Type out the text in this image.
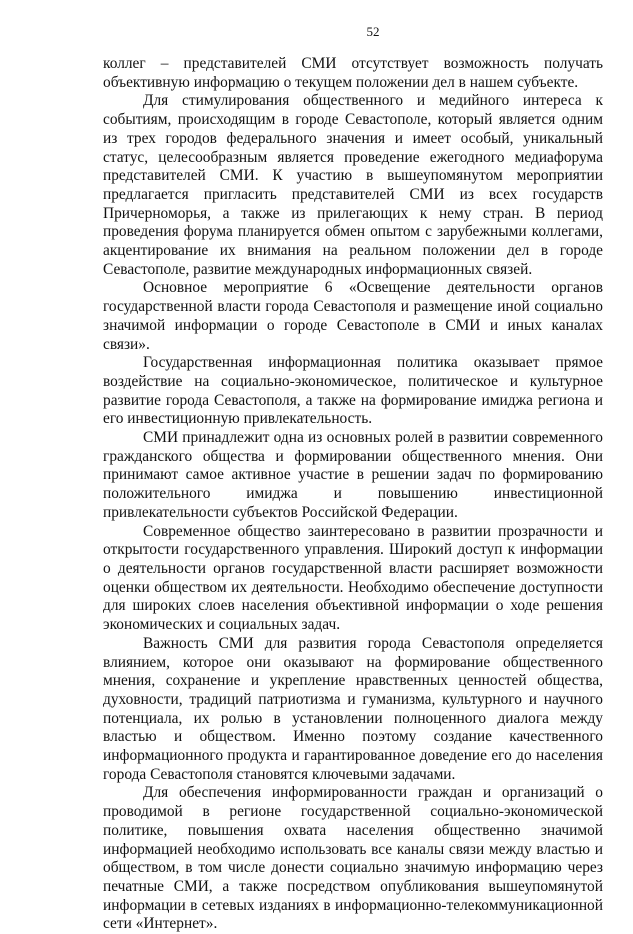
52

коллег – представителей СМИ отсутствует возможность получать объективную информацию о текущем положении дел в нашем субъекте.

Для стимулирования общественного и медийного интереса к событиям, происходящим в городе Севастополе, который является одним из трех городов федерального значения и имеет особый, уникальный статус, целесообразным является проведение ежегодного медиафорума представителей СМИ. К участию в вышеупомянутом мероприятии предлагается пригласить представителей СМИ из всех государств Причерноморья, а также из прилегающих к нему стран. В период проведения форума планируется обмен опытом с зарубежными коллегами, акцентирование их внимания на реальном положении дел в городе Севастополе, развитие международных информационных связей.

Основное мероприятие 6 «Освещение деятельности органов государственной власти города Севастополя и размещение иной социально значимой информации о городе Севастополе в СМИ и иных каналах связи».

Государственная информационная политика оказывает прямое воздействие на социально-экономическое, политическое и культурное развитие города Севастополя, а также на формирование имиджа региона и его инвестиционную привлекательность.

СМИ принадлежит одна из основных ролей в развитии современного гражданского общества и формировании общественного мнения. Они принимают самое активное участие в решении задач по формированию положительного имиджа и повышению инвестиционной привлекательности субъектов Российской Федерации.

Современное общество заинтересовано в развитии прозрачности и открытости государственного управления. Широкий доступ к информации о деятельности органов государственной власти расширяет возможности оценки обществом их деятельности. Необходимо обеспечение доступности для широких слоев населения объективной информации о ходе решения экономических и социальных задач.

Важность СМИ для развития города Севастополя определяется влиянием, которое они оказывают на формирование общественного мнения, сохранение и укрепление нравственных ценностей общества, духовности, традиций патриотизма и гуманизма, культурного и научного потенциала, их ролью в установлении полноценного диалога между властью и обществом. Именно поэтому создание качественного информационного продукта и гарантированное доведение его до населения города Севастополя становятся ключевыми задачами.

Для обеспечения информированности граждан и организаций о проводимой в регионе государственной социально-экономической политике, повышения охвата населения общественно значимой информацией необходимо использовать все каналы связи между властью и обществом, в том числе донести социально значимую информацию через печатные СМИ, а также посредством опубликования вышеупомянутой информации в сетевых изданиях в информационно-телекоммуникационной сети «Интернет».
